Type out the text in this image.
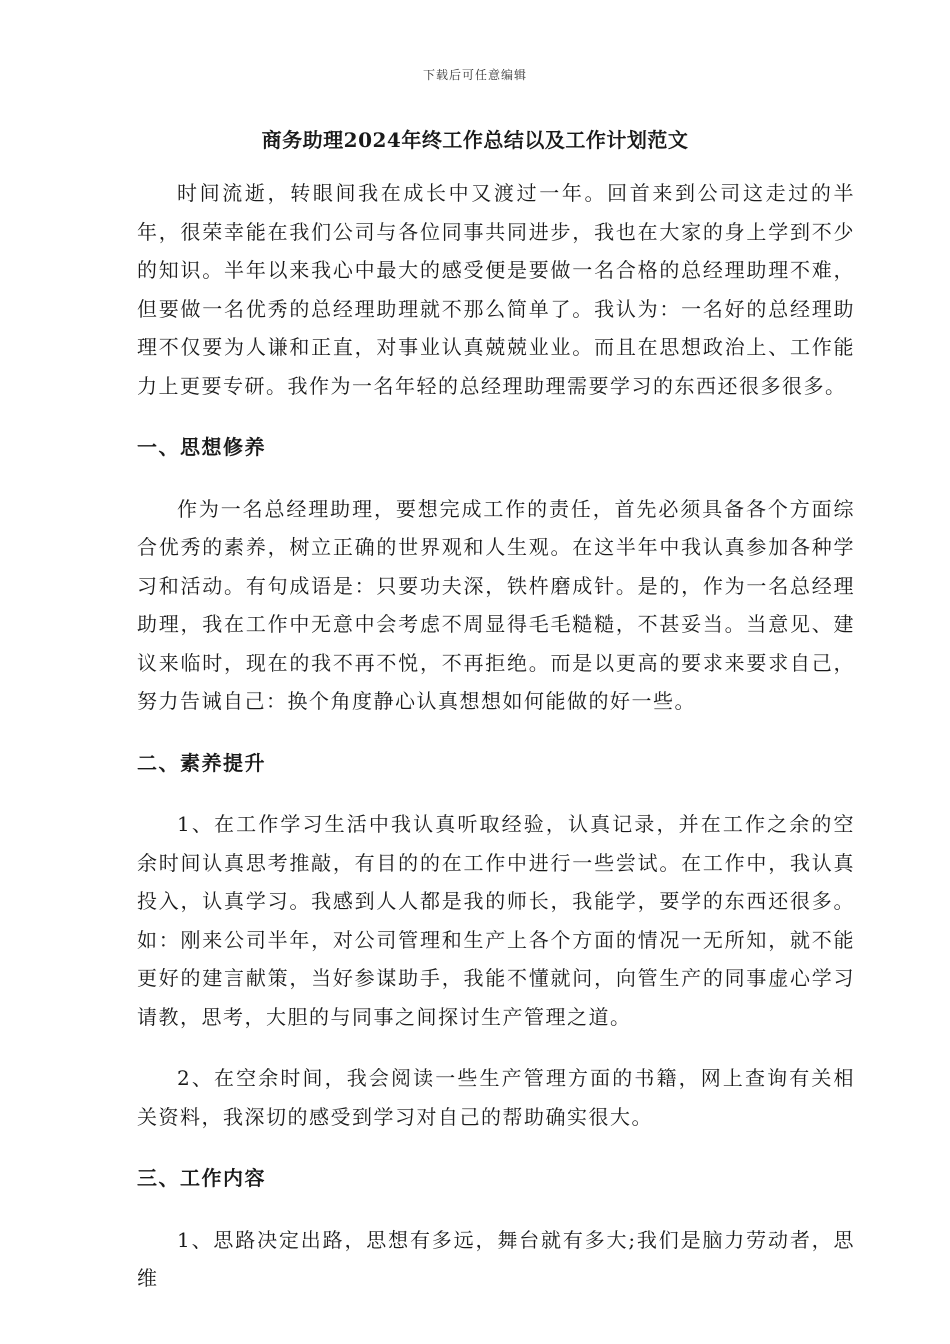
下载后可任意编辑
商务助理2024年终工作总结以及工作计划范文

时间流逝，转眼间我在成长中又渡过一年。回首来到公司这走过的半年，很荣幸能在我们公司与各位同事共同进步，我也在大家的身上学到不少的知识。半年以来我心中最大的感受便是要做一名合格的总经理助理不难，但要做一名优秀的总经理助理就不那么简单了。我认为：一名好的总经理助理不仅要为人谦和正直，对事业认真兢兢业业。而且在思想政治上、工作能力上更要专研。我作为一名年轻的总经理助理需要学习的东西还很多很多。

一、思想修养

作为一名总经理助理，要想完成工作的责任，首先必须具备各个方面综合优秀的素养，树立正确的世界观和人生观。在这半年中我认真参加各种学习和活动。有句成语是：只要功夫深，铁杵磨成针。是的，作为一名总经理助理，我在工作中无意中会考虑不周显得毛毛糙糙，不甚妥当。当意见、建议来临时，现在的我不再不悦，不再拒绝。而是以更高的要求来要求自己，努力告诫自己：换个角度静心认真想想如何能做的好一些。

二、素养提升

1、在工作学习生活中我认真听取经验，认真记录，并在工作之余的空余时间认真思考推敲，有目的的在工作中进行一些尝试。在工作中，我认真投入，认真学习。我感到人人都是我的师长，我能学，要学的东西还很多。如：刚来公司半年，对公司管理和生产上各个方面的情况一无所知，就不能更好的建言献策，当好参谋助手，我能不懂就问，向管生产的同事虚心学习请教，思考，大胆的与同事之间探讨生产管理之道。

2、在空余时间，我会阅读一些生产管理方面的书籍，网上查询有关相关资料，我深切的感受到学习对自己的帮助确实很大。

三、工作内容

1、思路决定出路，思想有多远，舞台就有多大;我们是脑力劳动者，思维
